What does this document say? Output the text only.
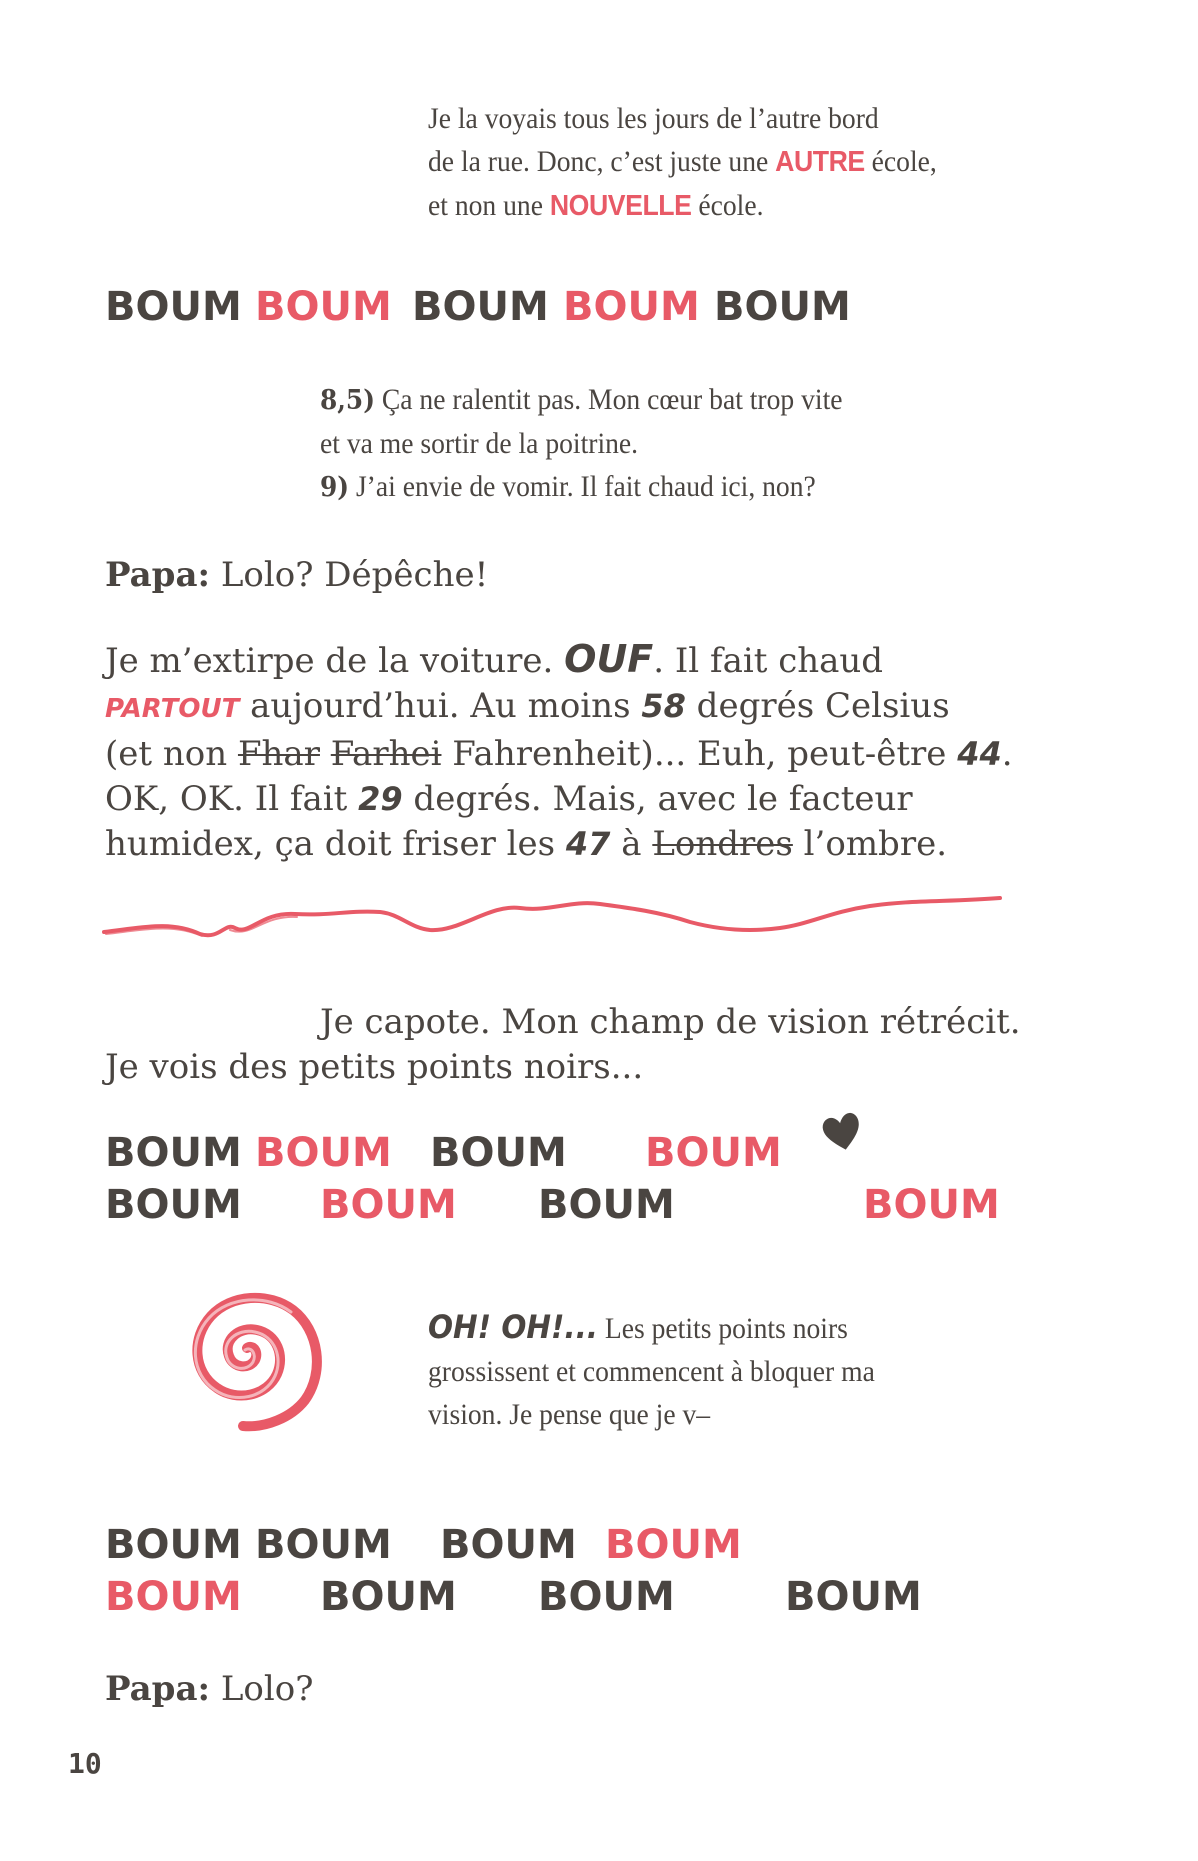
Je la voyais tous les jours de l’autre bord
de la rue. Donc, c’est juste une AUTRE école,
et non une NOUVELLE école.
BOUM BOUM BOUM BOUM BOUM
8,5) Ça ne ralentit pas. Mon cœur bat trop vite
et va me sortir de la poitrine.
9) J’ai envie de vomir. Il fait chaud ici, non?
Papa: Lolo? Dépêche!
Je m’extirpe de la voiture. OUF. Il fait chaud
PARTOUT aujourd’hui. Au moins 58 degrés Celsius
(et non Fhar Farhei Fahrenheit)... Euh, peut-être 44.
OK, OK. Il fait 29 degrés. Mais, avec le facteur
humidex, ça doit friser les 47 à Londres l’ombre.
Je capote. Mon champ de vision rétrécit.
Je vois des petits points noirs...
BOUM BOUM BOUM BOUM
BOUM BOUM BOUM	BOUM
OH! OH!... Les petits points noirs
grossissent et commencent à bloquer ma
vision. Je pense que je v–
BOUM BOUM BOUM BOUM
BOUM BOUM BOUM	BOUM
Papa: Lolo?
10
